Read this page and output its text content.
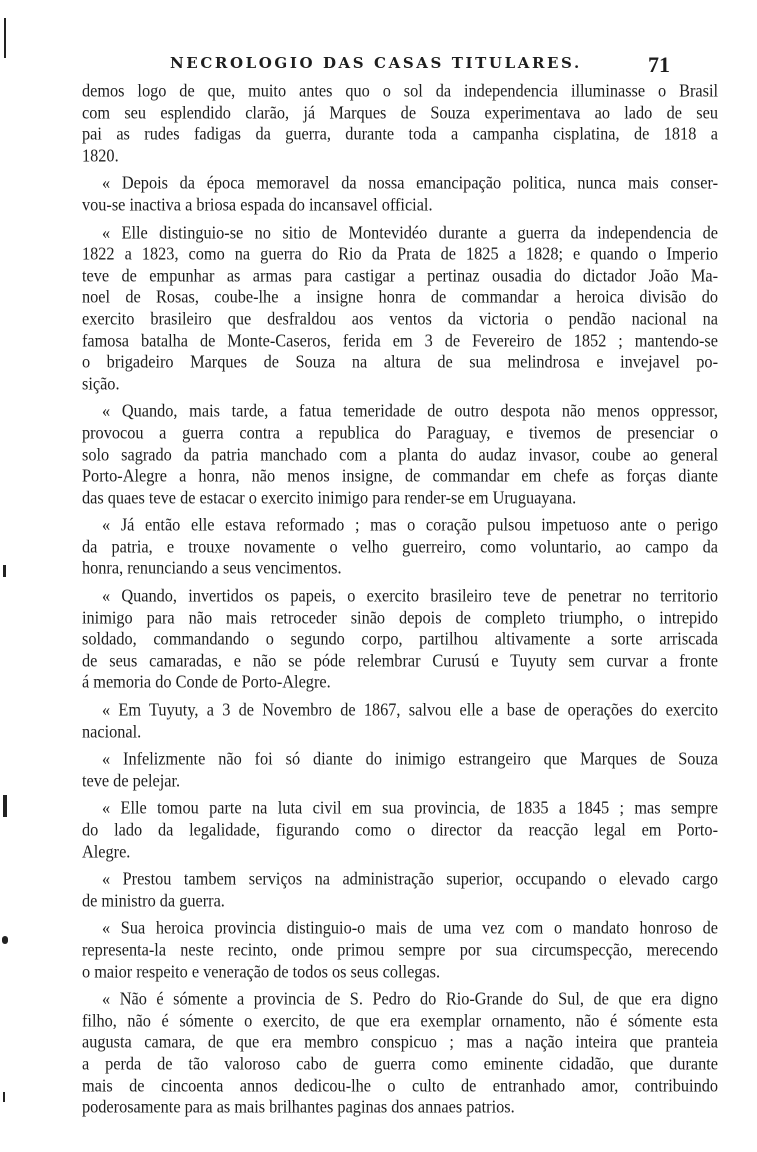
NECROLOGIO DAS CASAS TITULARES.	71
demos logo de que, muito antes quo o sol da independencia illuminasse o Brasil
com seu esplendido clarão, já Marques de Souza experimentava ao lado de seu
pai as rudes fadigas da guerra, durante toda a campanha cisplatina, de 1818 a
1820.
« Depois da época memoravel da nossa emancipação politica, nunca mais conser-
vou-se inactiva a briosa espada do incansavel official.
« Elle distinguio-se no sitio de Montevidéo durante a guerra da independencia de
1822 a 1823, como na guerra do Rio da Prata de 1825 a 1828; e quando o Imperio
teve de empunhar as armas para castigar a pertinaz ousadia do dictador João Ma-
noel de Rosas, coube-lhe a insigne honra de commandar a heroica divisão do
exercito brasileiro que desfraldou aos ventos da victoria o pendão nacional na
famosa batalha de Monte-Caseros, ferida em 3 de Fevereiro de 1852 ; mantendo-se
o brigadeiro Marques de Souza na altura de sua melindrosa e invejavel po-
sição.
« Quando, mais tarde, a fatua temeridade de outro despota não menos oppressor,
provocou a guerra contra a republica do Paraguay, e tivemos de presenciar o
solo sagrado da patria manchado com a planta do audaz invasor, coube ao general
Porto-Alegre a honra, não menos insigne, de commandar em chefe as forças diante
das quaes teve de estacar o exercito inimigo para render-se em Uruguayana.
« Já então elle estava reformado ; mas o coração pulsou impetuoso ante o perigo
da patria, e trouxe novamente o velho guerreiro, como voluntario, ao campo da
honra, renunciando a seus vencimentos.
« Quando, invertidos os papeis, o exercito brasileiro teve de penetrar no territorio
inimigo para não mais retroceder sinão depois de completo triumpho, o intrepido
soldado, commandando o segundo corpo, partilhou altivamente a sorte arriscada
de seus camaradas, e não se póde relembrar Curusú e Tuyuty sem curvar a fronte
á memoria do Conde de Porto-Alegre.
« Em Tuyuty, a 3 de Novembro de 1867, salvou elle a base de operações do exercito
nacional.
« Infelizmente não foi só diante do inimigo estrangeiro que Marques de Souza
teve de pelejar.
« Elle tomou parte na luta civil em sua provincia, de 1835 a 1845 ; mas sempre
do lado da legalidade, figurando como o director da reacção legal em Porto-
Alegre.
« Prestou tambem serviços na administração superior, occupando o elevado cargo
de ministro da guerra.
« Sua heroica provincia distinguio-o mais de uma vez com o mandato honroso de
representa-la neste recinto, onde primou sempre por sua circumspecção, merecendo
o maior respeito e veneração de todos os seus collegas.
« Não é sómente a provincia de S. Pedro do Rio-Grande do Sul, de que era digno
filho, não é sómente o exercito, de que era exemplar ornamento, não é sómente esta
augusta camara, de que era membro conspicuo ; mas a nação inteira que pranteia
a perda de tão valoroso cabo de guerra como eminente cidadão, que durante
mais de cincoenta annos dedicou-lhe o culto de entranhado amor, contribuindo
poderosamente para as mais brilhantes paginas dos annaes patrios.
